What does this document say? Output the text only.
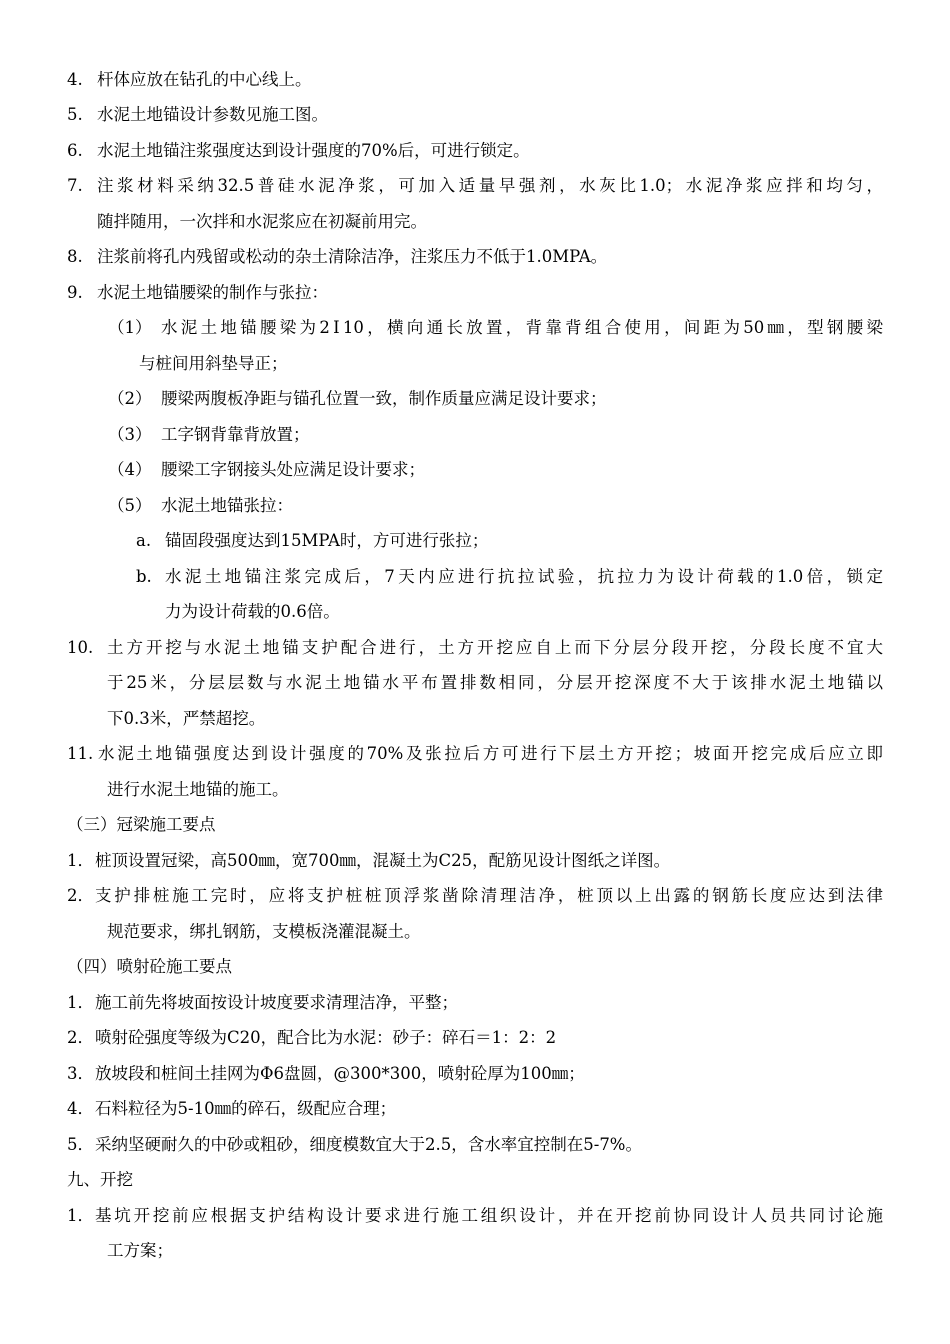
4. 杆体应放在钻孔的中心线上。
5. 水泥土地锚设计参数见施工图。
6. 水泥土地锚注浆强度达到设计强度的70%后，可进行锁定。
7. 注浆材料采纳32.5普硅水泥净浆，可加入适量早强剂，水灰比1.0；水泥净浆应拌和均匀，
随拌随用，一次拌和水泥浆应在初凝前用完。
8. 注浆前将孔内残留或松动的杂土清除洁净，注浆压力不低于1.0MPA。
9. 水泥土地锚腰梁的制作与张拉：
（1） 水泥土地锚腰梁为2Ⅰ10，横向通长放置，背靠背组合使用，间距为50㎜，型钢腰梁
与桩间用斜垫导正；
（2） 腰梁两腹板净距与锚孔位置一致，制作质量应满足设计要求；
（3） 工字钢背靠背放置；
（4） 腰梁工字钢接头处应满足设计要求；
（5） 水泥土地锚张拉：
a. 锚固段强度达到15MPA时，方可进行张拉；
b. 水泥土地锚注浆完成后，7天内应进行抗拉试验，抗拉力为设计荷载的1.0倍，锁定
力为设计荷载的0.6倍。
10. 土方开挖与水泥土地锚支护配合进行，土方开挖应自上而下分层分段开挖，分段长度不宜大
于25米，分层层数与水泥土地锚水平布置排数相同，分层开挖深度不大于该排水泥土地锚以
下0.3米，严禁超挖。
11. 水泥土地锚强度达到设计强度的70%及张拉后方可进行下层土方开挖；坡面开挖完成后应立即
进行水泥土地锚的施工。
（三）冠梁施工要点
1． 桩顶设置冠梁，高500㎜，宽700㎜，混凝土为C25，配筋见设计图纸之详图。
2． 支护排桩施工完时，应将支护桩桩顶浮浆凿除清理洁净，桩顶以上出露的钢筋长度应达到法律
规范要求，绑扎钢筋，支模板浇灌混凝土。
（四）喷射砼施工要点
1． 施工前先将坡面按设计坡度要求清理洁净，平整；
2． 喷射砼强度等级为C20，配合比为水泥：砂子：碎石＝1：2：2
3． 放坡段和桩间土挂网为Φ6盘圆，@300*300，喷射砼厚为100㎜；
4． 石料粒径为5-10㎜的碎石，级配应合理；
5． 采纳坚硬耐久的中砂或粗砂，细度模数宜大于2.5，含水率宜控制在5-7%。
九、开挖
1． 基坑开挖前应根据支护结构设计要求进行施工组织设计，并在开挖前协同设计人员共同讨论施
工方案；
